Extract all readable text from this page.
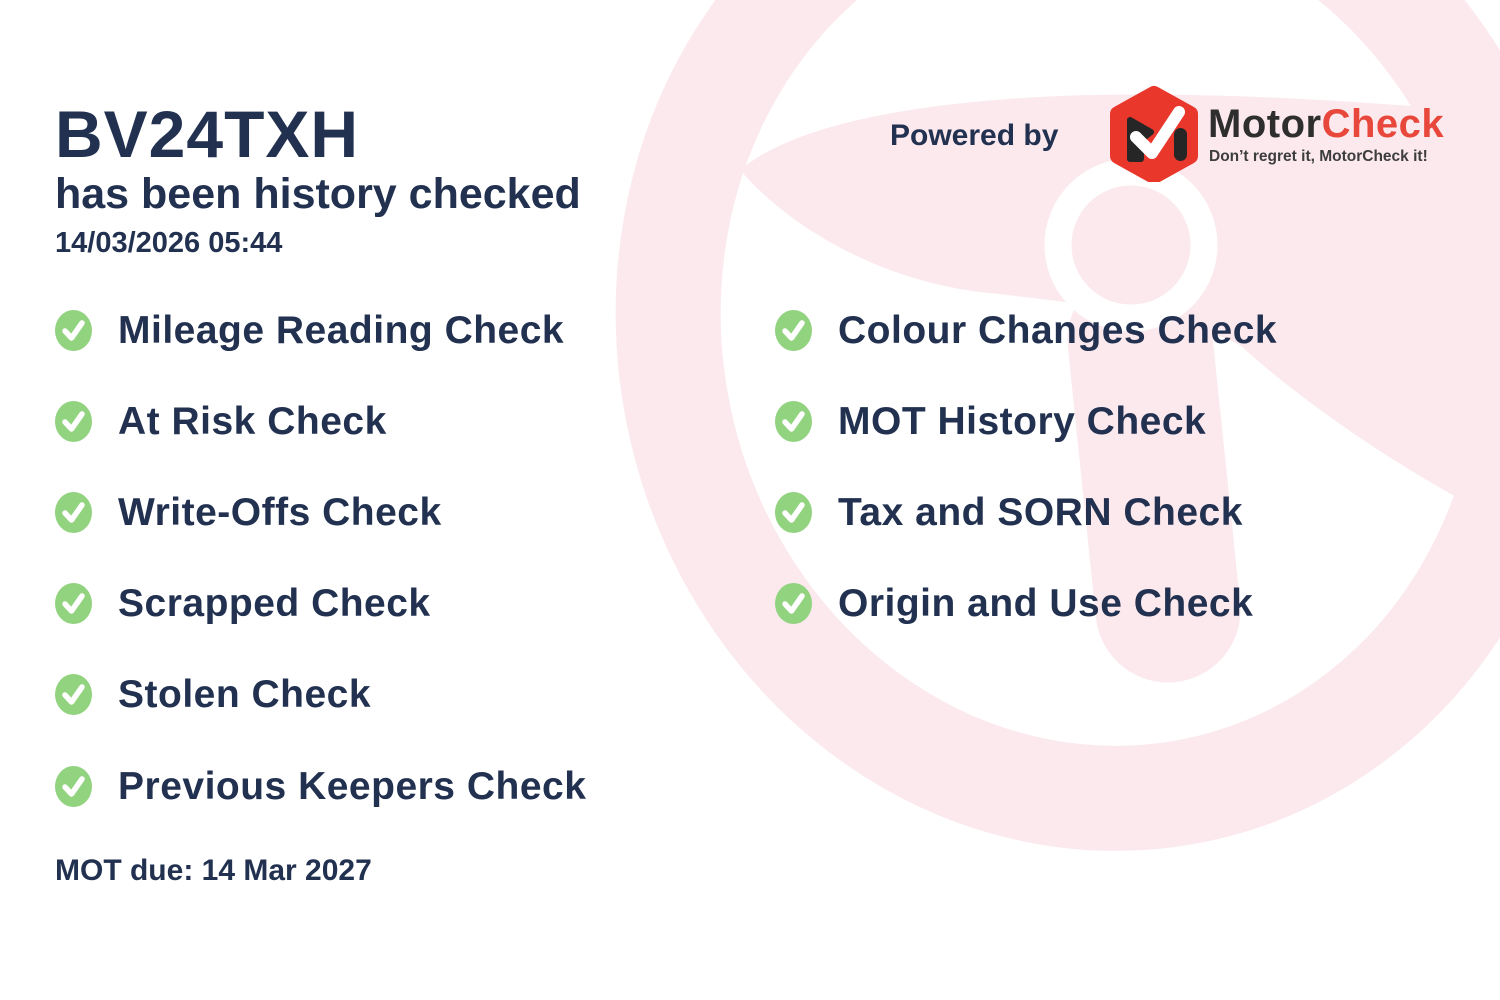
BV24TXH
has been history checked
14/03/2026 05:44
Powered by	MotorCheck
Don’t regret it, MotorCheck it!
Mileage Reading Check
At Risk Check
Write-Offs Check
Scrapped Check
Stolen Check
Previous Keepers Check
Colour Changes Check
MOT History Check
Tax and SORN Check
Origin and Use Check
MOT due: 14 Mar 2027
